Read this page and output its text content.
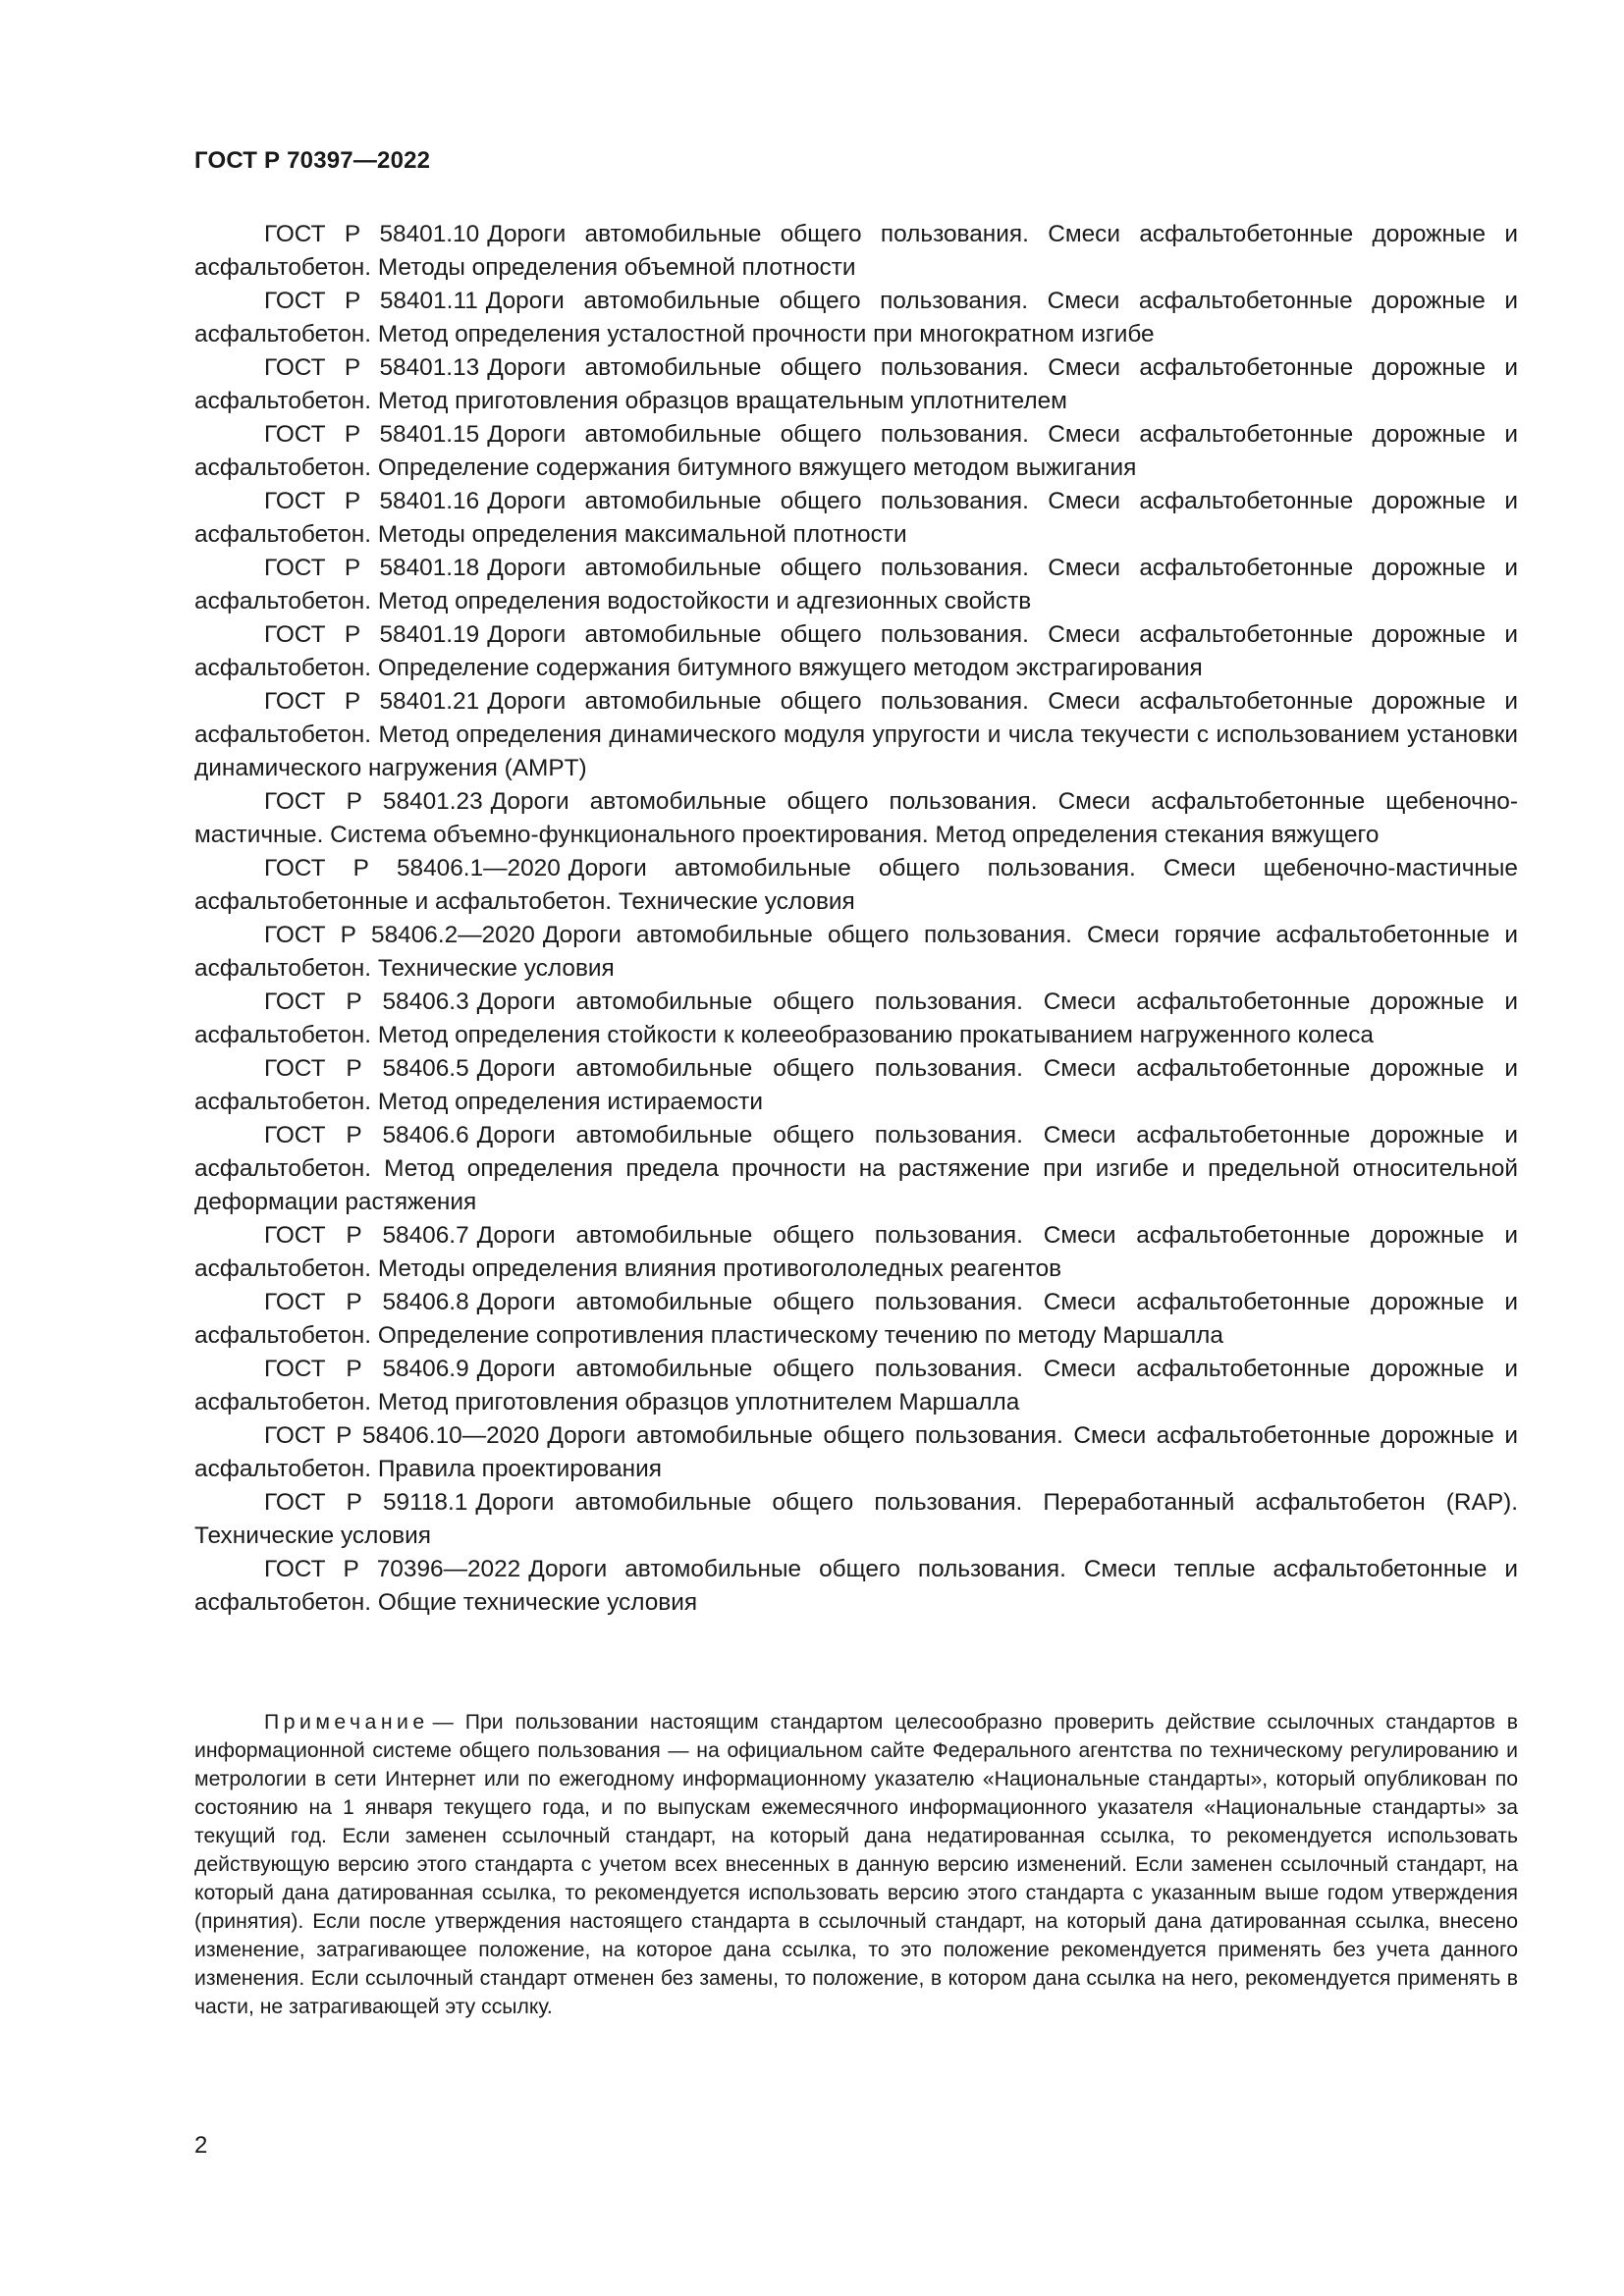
ГОСТ Р 70397—2022

ГОСТ Р 58401.10 Дороги автомобильные общего пользования. Смеси асфальтобетонные дорожные и асфальтобетон. Методы определения объемной плотности

ГОСТ Р 58401.11 Дороги автомобильные общего пользования. Смеси асфальтобетонные дорожные и асфальтобетон. Метод определения усталостной прочности при многократном изгибе

ГОСТ Р 58401.13 Дороги автомобильные общего пользования. Смеси асфальтобетонные дорожные и асфальтобетон. Метод приготовления образцов вращательным уплотнителем

ГОСТ Р 58401.15 Дороги автомобильные общего пользования. Смеси асфальтобетонные дорожные и асфальтобетон. Определение содержания битумного вяжущего методом выжигания

ГОСТ Р 58401.16 Дороги автомобильные общего пользования. Смеси асфальтобетонные дорожные и асфальтобетон. Методы определения максимальной плотности

ГОСТ Р 58401.18 Дороги автомобильные общего пользования. Смеси асфальтобетонные дорожные и асфальтобетон. Метод определения водостойкости и адгезионных свойств

ГОСТ Р 58401.19 Дороги автомобильные общего пользования. Смеси асфальтобетонные дорожные и асфальтобетон. Определение содержания битумного вяжущего методом экстрагирования

ГОСТ Р 58401.21 Дороги автомобильные общего пользования. Смеси асфальтобетонные дорожные и асфальтобетон. Метод определения динамического модуля упругости и числа текучести с использованием установки динамического нагружения (AMPT)

ГОСТ Р 58401.23 Дороги автомобильные общего пользования. Смеси асфальтобетонные щебеночно-мастичные. Система объемно-функционального проектирования. Метод определения стекания вяжущего

ГОСТ Р 58406.1—2020 Дороги автомобильные общего пользования. Смеси щебеночно-мастичные асфальтобетонные и асфальтобетон. Технические условия

ГОСТ Р 58406.2—2020 Дороги автомобильные общего пользования. Смеси горячие асфальтобетонные и асфальтобетон. Технические условия

ГОСТ Р 58406.3 Дороги автомобильные общего пользования. Смеси асфальтобетонные дорожные и асфальтобетон. Метод определения стойкости к колееобразованию прокатыванием нагруженного колеса

ГОСТ Р 58406.5 Дороги автомобильные общего пользования. Смеси асфальтобетонные дорожные и асфальтобетон. Метод определения истираемости

ГОСТ Р 58406.6 Дороги автомобильные общего пользования. Смеси асфальтобетонные дорожные и асфальтобетон. Метод определения предела прочности на растяжение при изгибе и предельной относительной деформации растяжения

ГОСТ Р 58406.7 Дороги автомобильные общего пользования. Смеси асфальтобетонные дорожные и асфальтобетон. Методы определения влияния противогололедных реагентов

ГОСТ Р 58406.8 Дороги автомобильные общего пользования. Смеси асфальтобетонные дорожные и асфальтобетон. Определение сопротивления пластическому течению по методу Маршалла

ГОСТ Р 58406.9 Дороги автомобильные общего пользования. Смеси асфальтобетонные дорожные и асфальтобетон. Метод приготовления образцов уплотнителем Маршалла

ГОСТ Р 58406.10—2020 Дороги автомобильные общего пользования. Смеси асфальтобетонные дорожные и асфальтобетон. Правила проектирования

ГОСТ Р 59118.1 Дороги автомобильные общего пользования. Переработанный асфальтобетон (RAP). Технические условия

ГОСТ Р 70396—2022 Дороги автомобильные общего пользования. Смеси теплые асфальтобетонные и асфальтобетон. Общие технические условия

Примечание — При пользовании настоящим стандартом целесообразно проверить действие ссылочных стандартов в информационной системе общего пользования — на официальном сайте Федерального агентства по техническому регулированию и метрологии в сети Интернет или по ежегодному информационному указателю «Национальные стандарты», который опубликован по состоянию на 1 января текущего года, и по выпускам ежемесячного информационного указателя «Национальные стандарты» за текущий год. Если заменен ссылочный стандарт, на который дана недатированная ссылка, то рекомендуется использовать действующую версию этого стандарта с учетом всех внесенных в данную версию изменений. Если заменен ссылочный стандарт, на который дана датированная ссылка, то рекомендуется использовать версию этого стандарта с указанным выше годом утверждения (принятия). Если после утверждения настоящего стандарта в ссылочный стандарт, на который дана датированная ссылка, внесено изменение, затрагивающее положение, на которое дана ссылка, то это положение рекомендуется применять без учета данного изменения. Если ссылочный стандарт отменен без замены, то положение, в котором дана ссылка на него, рекомендуется применять в части, не затрагивающей эту ссылку.

2
